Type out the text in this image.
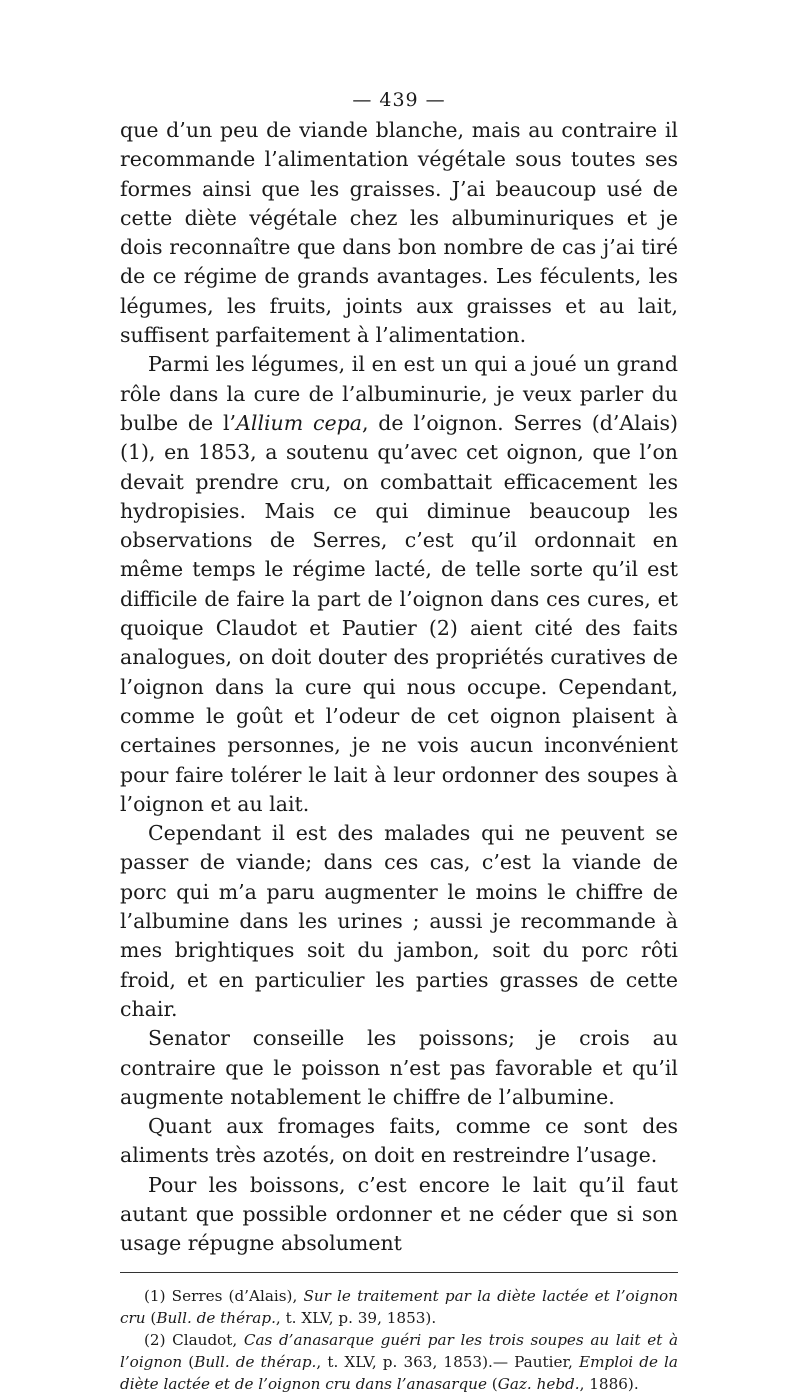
— 439 —

que d’un peu de viande blanche, mais au contraire il recommande l’alimentation végétale sous toutes ses formes ainsi que les graisses. J’ai beaucoup usé de cette diète végétale chez les albuminuriques et je dois reconnaître que dans bon nombre de cas j’ai tiré de ce régime de grands avantages. Les féculents, les légumes, les fruits, joints aux graisses et au lait, suffisent parfaitement à l’alimentation.

Parmi les légumes, il en est un qui a joué un grand rôle dans la cure de l’albuminurie, je veux parler du bulbe de l’Allium cepa, de l’oignon. Serres (d’Alais) (1), en 1853, a soutenu qu’avec cet oignon, que l’on devait prendre cru, on combattait efficacement les hydropisies. Mais ce qui diminue beaucoup les observations de Serres, c’est qu’il ordonnait en même temps le régime lacté, de telle sorte qu’il est difficile de faire la part de l’oignon dans ces cures, et quoique Claudot et Pautier (2) aient cité des faits analogues, on doit douter des propriétés curatives de l’oignon dans la cure qui nous occupe. Cependant, comme le goût et l’odeur de cet oignon plaisent à certaines personnes, je ne vois aucun inconvénient pour faire tolérer le lait à leur ordonner des soupes à l’oignon et au lait.

Cependant il est des malades qui ne peuvent se passer de viande; dans ces cas, c’est la viande de porc qui m’a paru augmenter le moins le chiffre de l’albumine dans les urines ; aussi je recommande à mes brightiques soit du jambon, soit du porc rôti froid, et en particulier les parties grasses de cette chair.

Senator conseille les poissons; je crois au contraire que le poisson n’est pas favorable et qu’il augmente notablement le chiffre de l’albumine.

Quant aux fromages faits, comme ce sont des aliments très azotés, on doit en restreindre l’usage.

Pour les boissons, c’est encore le lait qu’il faut autant que possible ordonner et ne céder que si son usage répugne absolument

(1) Serres (d’Alais), Sur le traitement par la diète lactée et l’oignon cru (Bull. de thérap., t. XLV, p. 39, 1853).

(2) Claudot, Cas d’anasarque guéri par les trois soupes au lait et à l’oignon (Bull. de thérap., t. XLV, p. 363, 1853).— Pautier, Emploi de la diète lactée et de l’oignon cru dans l’anasarque (Gaz. hebd., 1886).
